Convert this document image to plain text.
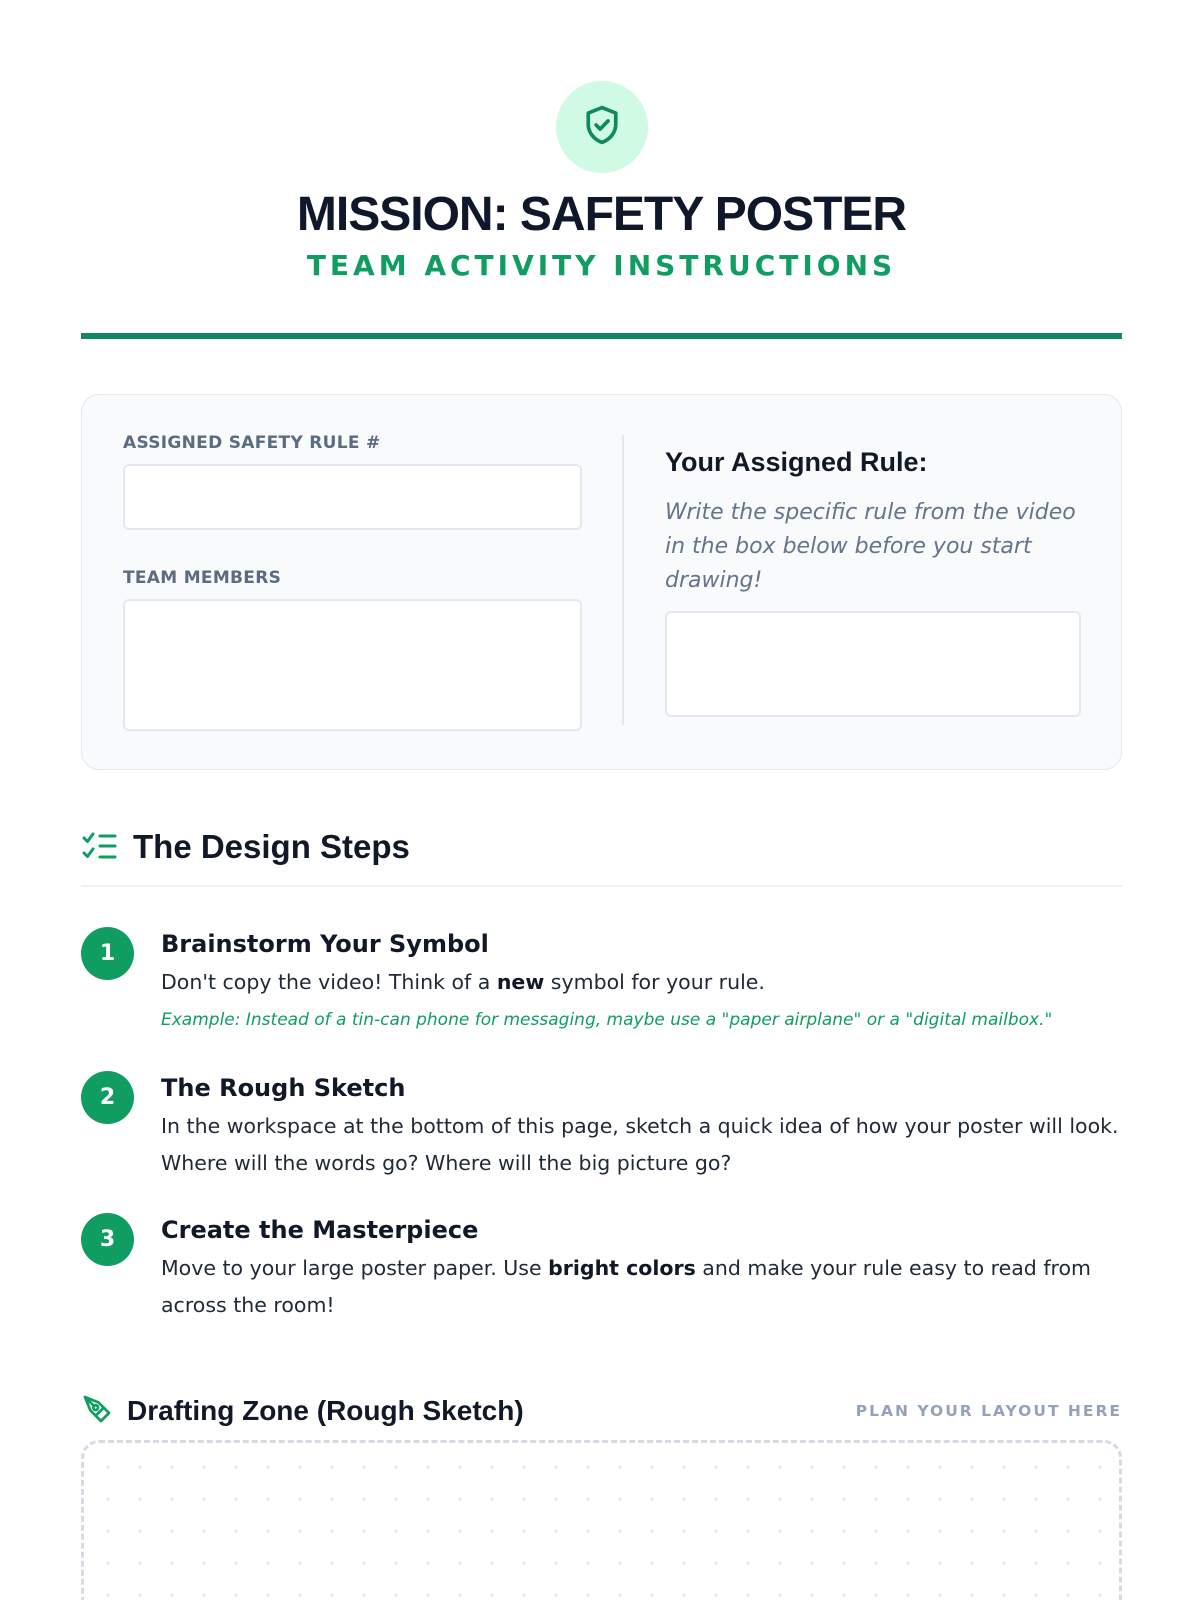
MISSION: SAFETY POSTER
TEAM ACTIVITY INSTRUCTIONS
ASSIGNED SAFETY RULE #
TEAM MEMBERS
Your Assigned Rule:
Write the specific rule from the video in the box below before you start drawing!
The Design Steps
1	Brainstorm Your Symbol
Don't copy the video! Think of a new symbol for your rule.
Example: Instead of a tin-can phone for messaging, maybe use a "paper airplane" or a "digital mailbox."
2	The Rough Sketch
In the workspace at the bottom of this page, sketch a quick idea of how your poster will look. Where will the words go? Where will the big picture go?
3	Create the Masterpiece
Move to your large poster paper. Use bright colors and make your rule easy to read from across the room!
Drafting Zone (Rough Sketch)	PLAN YOUR LAYOUT HERE
